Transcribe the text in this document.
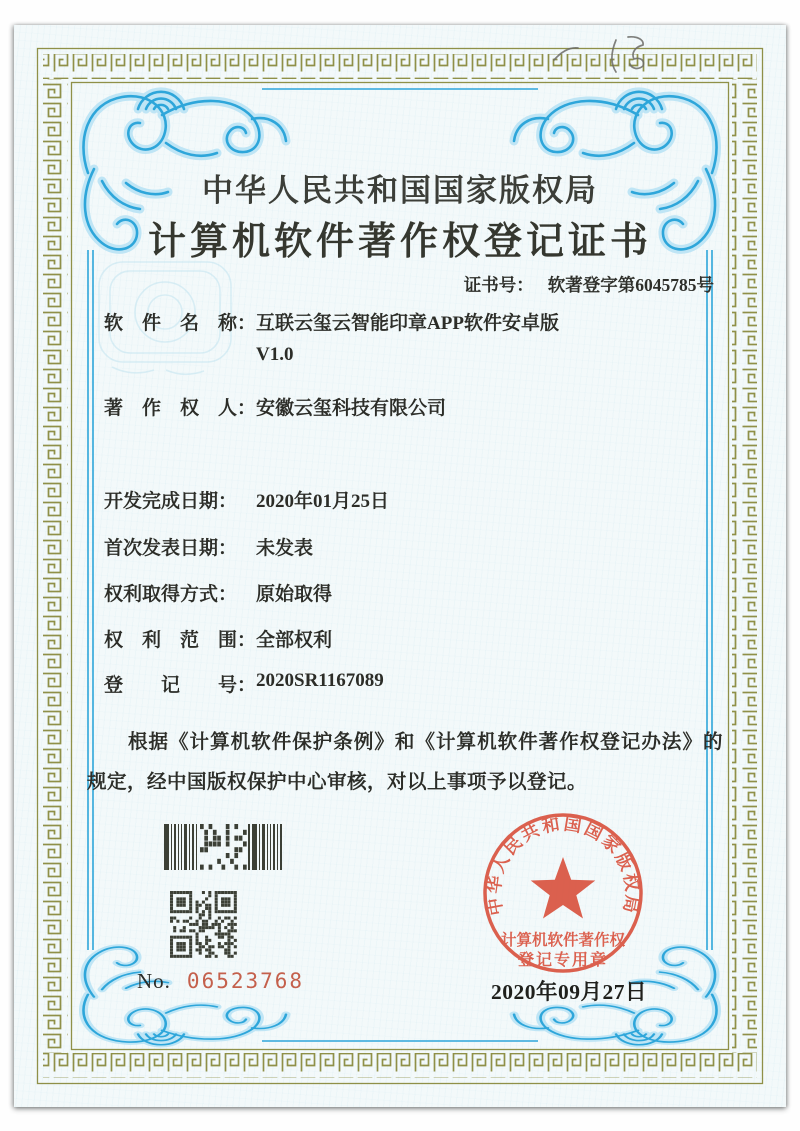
中华人民共和国国家版权局
计算机软件著作权登记证书
证书号： 软著登字第6045785号
软　件　名　称： 互联云玺云智能印章APP软件安卓版
V1.0
著　作　权　人： 安徽云玺科技有限公司
开发完成日期： 2020年01月25日
首次发表日期： 未发表
权利取得方式： 原始取得
权　利　范　围： 全部权利
登　　记　　号： 2020SR1167089

根据《计算机软件保护条例》和《计算机软件著作权登记办法》的规定，经中国版权保护中心审核，对以上事项予以登记。

No. 06523768
中华人民共和国国家版权局
计算机软件著作权
登记专用章
2020年09月27日
